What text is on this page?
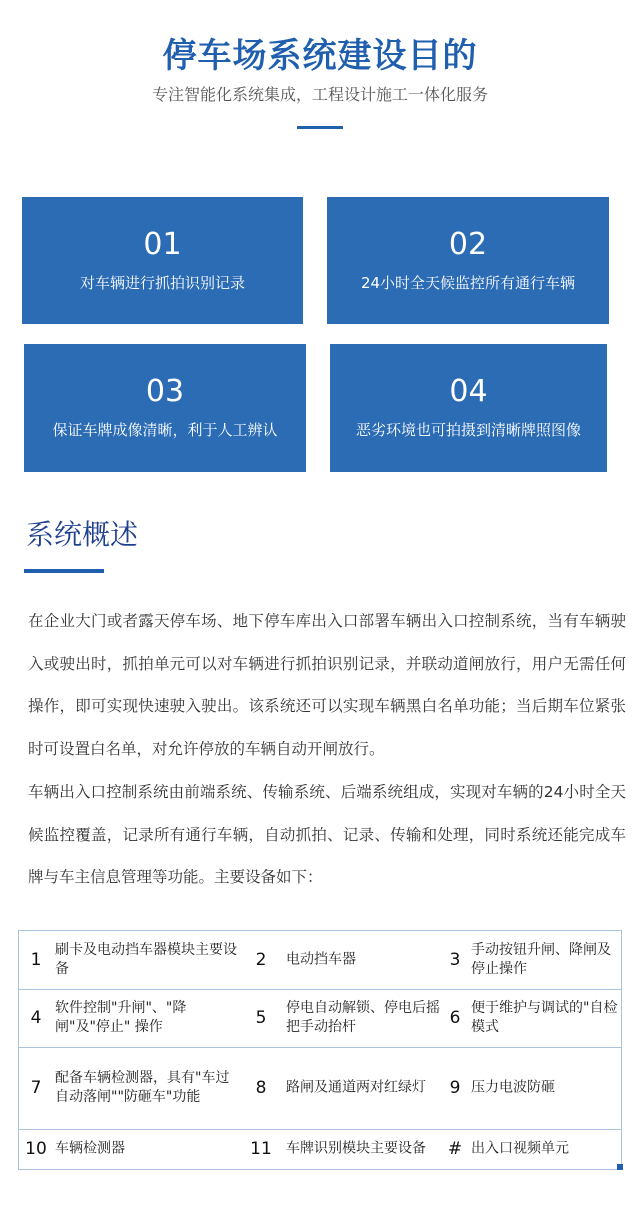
停车场系统建设目的
专注智能化系统集成，工程设计施工一体化服务
01
对车辆进行抓拍识别记录
02
24小时全天候监控所有通行车辆
03
保证车牌成像清晰，利于人工辨认
04
恶劣环境也可拍摄到清晰牌照图像
系统概述

在企业大门或者露天停车场、地下停车库出入口部署车辆出入口控制系统，当有车辆驶入或驶出时，抓拍单元可以对车辆进行抓拍识别记录，并联动道闸放行，用户无需任何操作，即可实现快速驶入驶出。该系统还可以实现车辆黑白名单功能；当后期车位紧张时可设置白名单，对允许停放的车辆自动开闸放行。

车辆出入口控制系统由前端系统、传输系统、后端系统组成，实现对车辆的24小时全天候监控覆盖，记录所有通行车辆，自动抓拍、记录、传输和处理，同时系统还能完成车牌与车主信息管理等功能。主要设备如下：

1 刷卡及电动挡车器模块主要设备	2	电动挡车器	3 手动按钮升闸、降闸及停止操作
4 软件控制"升闸"、"降闸"及"停止" 操作	5	停电自动解锁、停电后摇把手动抬杆	6 便于维护与调试的"自检模式
7 配备车辆检测器，具有"车过自动落闸""防砸车"功能	8	路闸及通道两对红绿灯	9 压力电波防砸
10 车辆检测器	11	车牌识别模块主要设备	# 出入口视频单元
